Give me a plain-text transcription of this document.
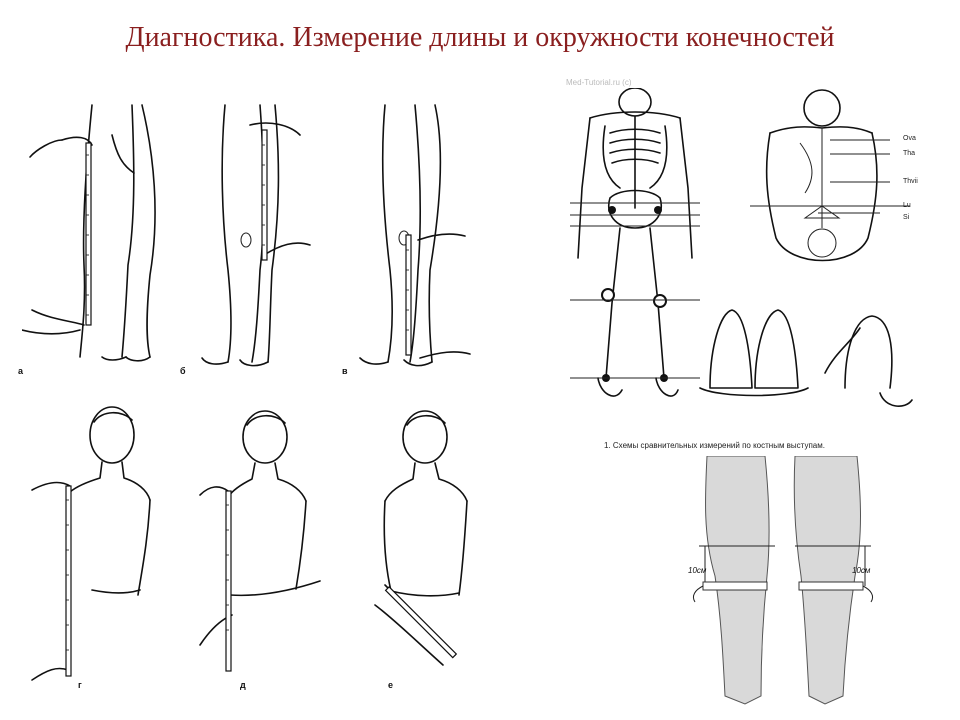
Диагностика. Измерение длины и окружности конечностей
а	б	в
г	д	е
Med-Tutorial.ru (c)
Ova
Tha
Thvii
Lu
Si
1. Схемы сравнительных измерений по костным выступам.
10см	10см
